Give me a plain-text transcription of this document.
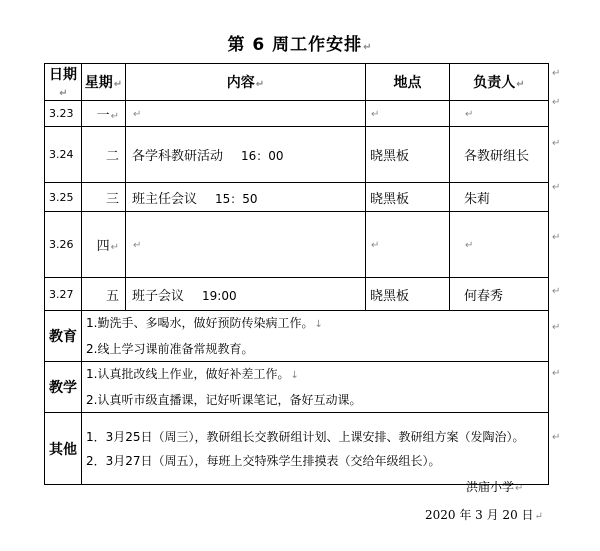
第 6 周工作安排↵
日期↵	星期↵	内容↵	地点	负责人↵
3.23	一↵	↵	↵	↵
3.24	二	各学科教研活动 16：00	晓黑板	各教研组长
3.25	三	班主任会议 15：50	晓黑板	朱莉
3.26	四↵	↵	↵	↵
3.27	五	班子会议 19:00	晓黑板	何春秀
教育	1.勤洗手、多喝水，做好预防传染病工作。↓
2.线上学习课前准备常规教育。			

教学	1.认真批改线上作业，做好补差工作。↓
2.认真听市级直播课，记好听课笔记，备好互动课。			

其他	1．3月25日（周三），教研组长交教研组计划、上课安排、教研组方案（发陶治）。
2．3月27日（周五），每班上交特殊学生排摸表（交给年级组长）。			
↵
↵
↵
↵
↵
↵
↵
↵
↵
洪庙小学↵
2020 年 3 月 20 日↵
